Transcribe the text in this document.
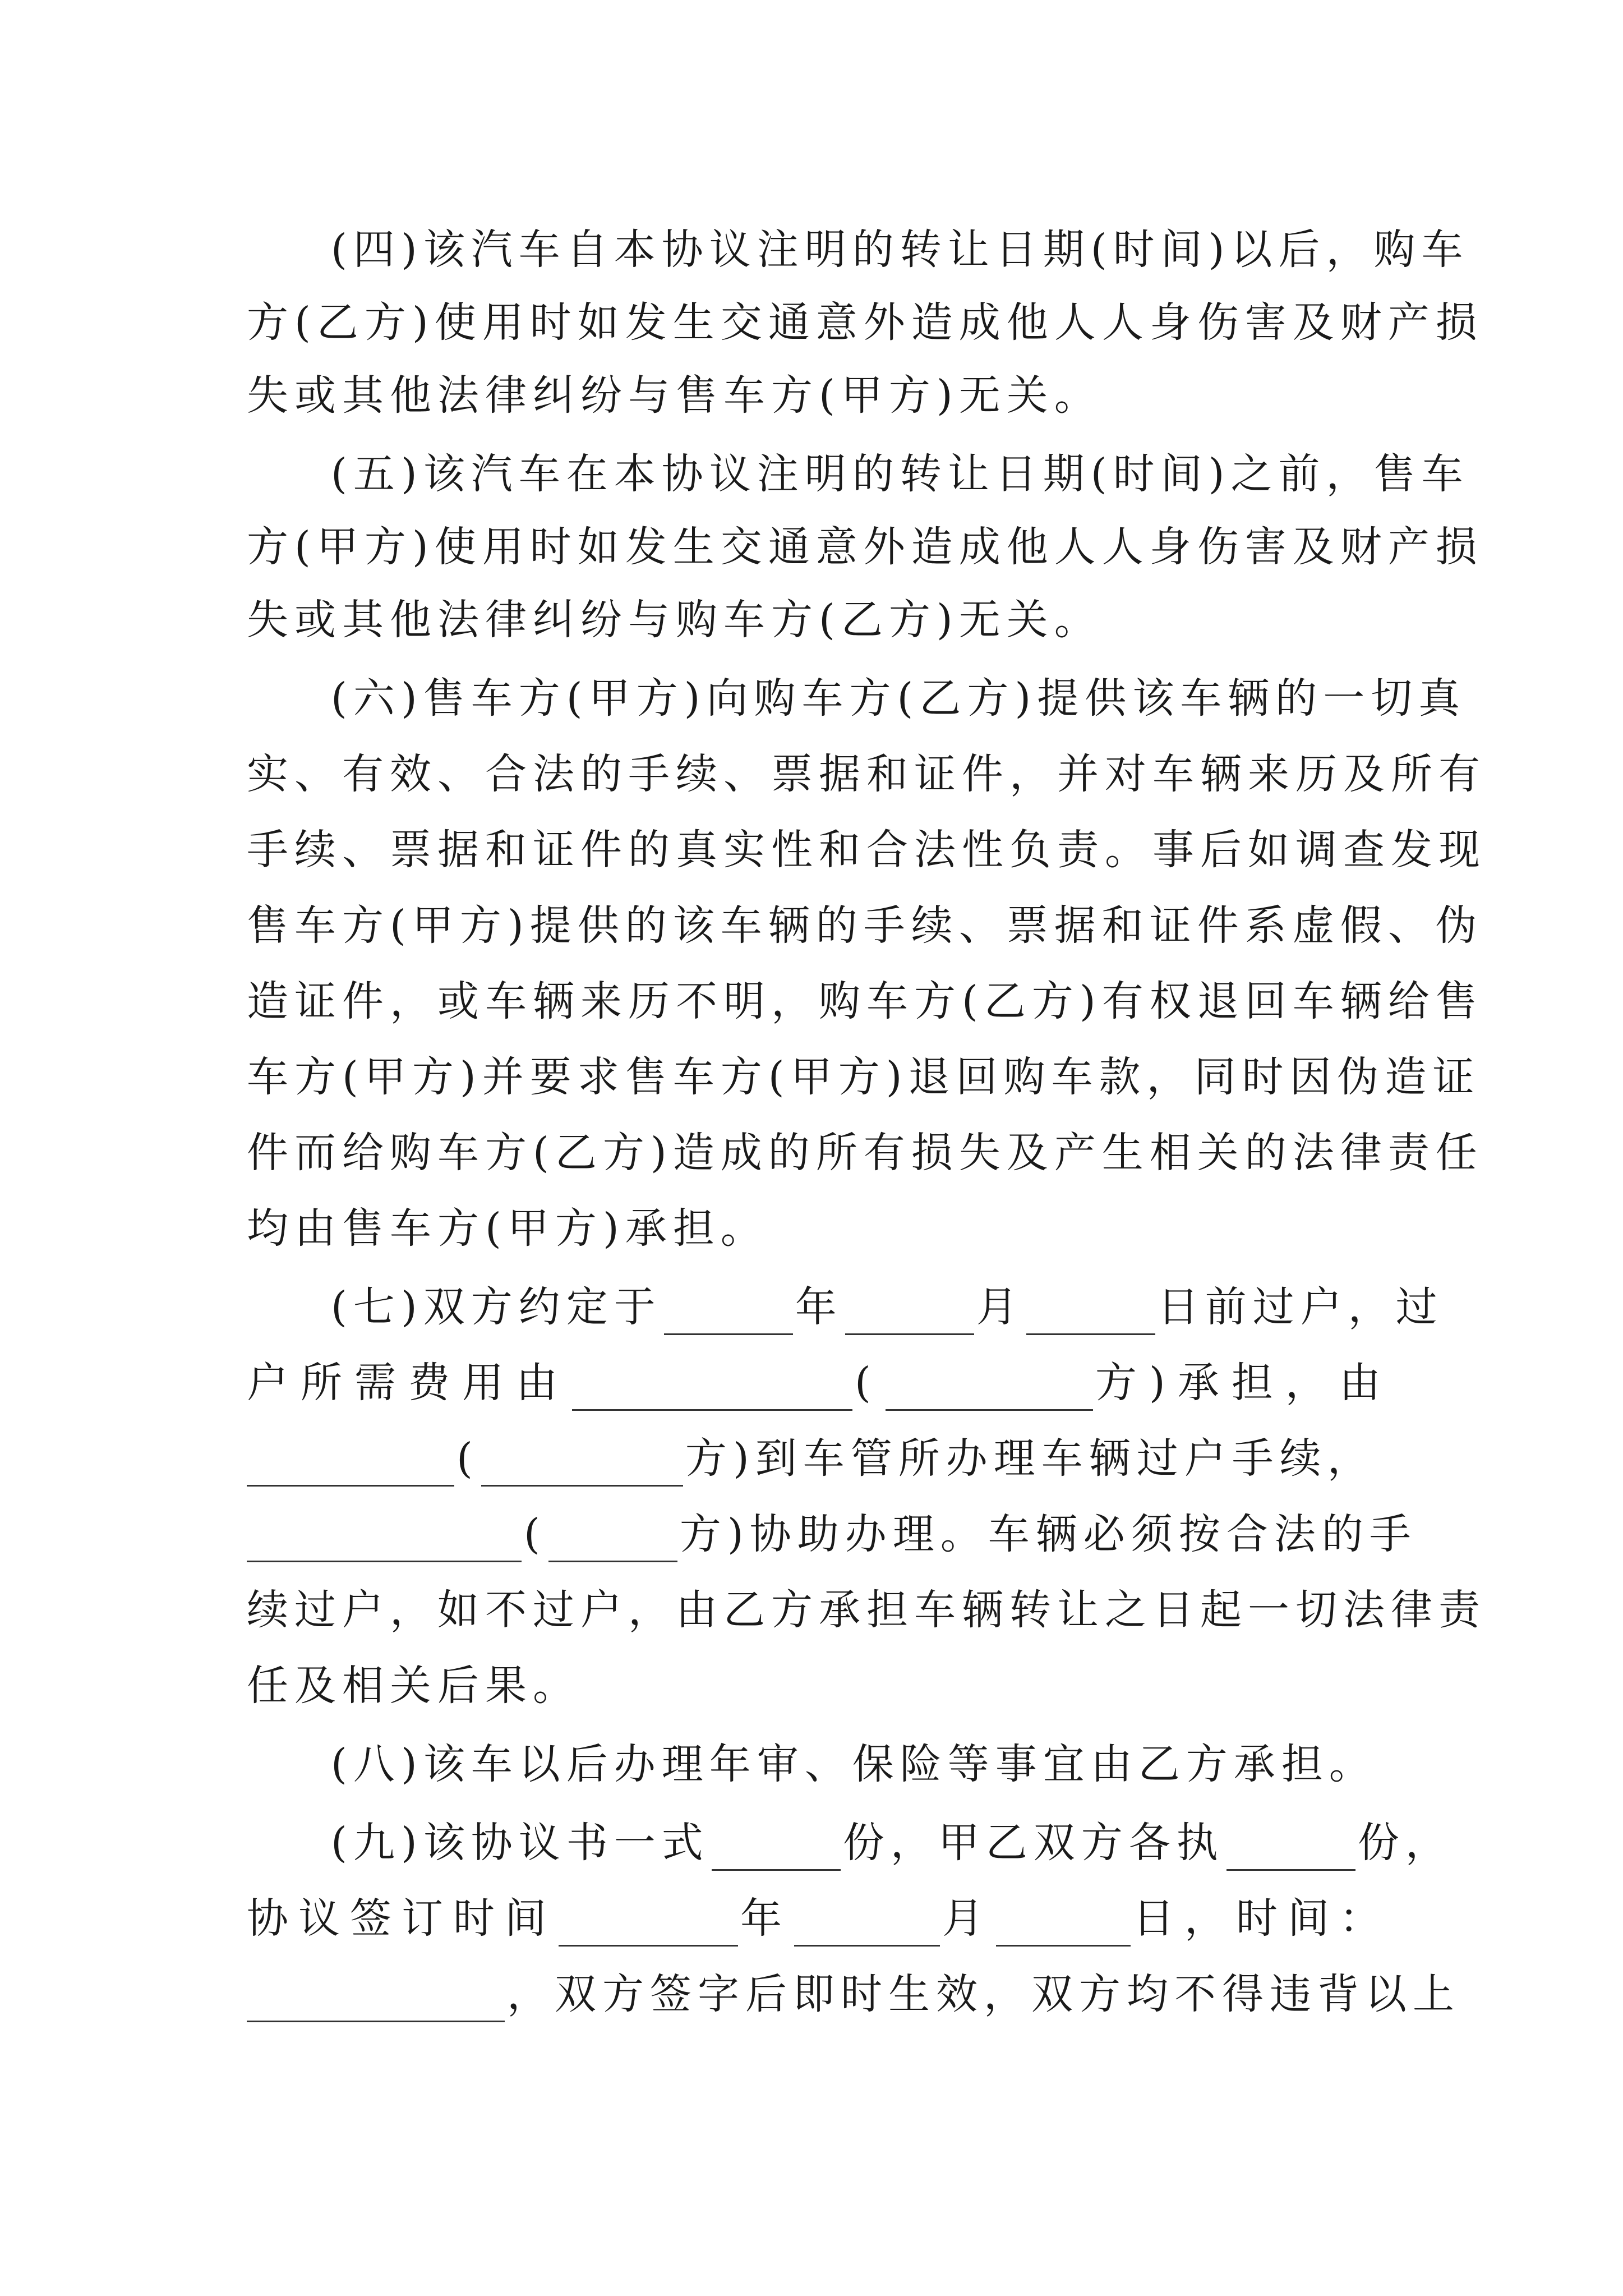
(四)该汽车自本协议注明的转让日期(时间)以后，购车
方(乙方)使用时如发生交通意外造成他人人身伤害及财产损
失或其他法律纠纷与售车方(甲方)无关。
(五)该汽车在本协议注明的转让日期(时间)之前，售车
方(甲方)使用时如发生交通意外造成他人人身伤害及财产损
失或其他法律纠纷与购车方(乙方)无关。
(六)售车方(甲方)向购车方(乙方)提供该车辆的一切真
实、有效、合法的手续、票据和证件，并对车辆来历及所有
手续、票据和证件的真实性和合法性负责。事后如调查发现
售车方(甲方)提供的该车辆的手续、票据和证件系虚假、伪
造证件，或车辆来历不明，购车方(乙方)有权退回车辆给售
车方(甲方)并要求售车方(甲方)退回购车款，同时因伪造证
件而给购车方(乙方)造成的所有损失及产生相关的法律责任
均由售车方(甲方)承担。
(七)双方约定于	年	月	日前过户，过
户所需费用由	(	方)承担，由
(	方)到车管所办理车辆过户手续，
(	方)协助办理。车辆必须按合法的手
续过户，如不过户，由乙方承担车辆转让之日起一切法律责
任及相关后果。
(八)该车以后办理年审、保险等事宜由乙方承担。
(九)该协议书一式	份，甲乙双方各执	份，
协议签订时间	年	月	日，时间：
，双方签字后即时生效，双方均不得违背以上
